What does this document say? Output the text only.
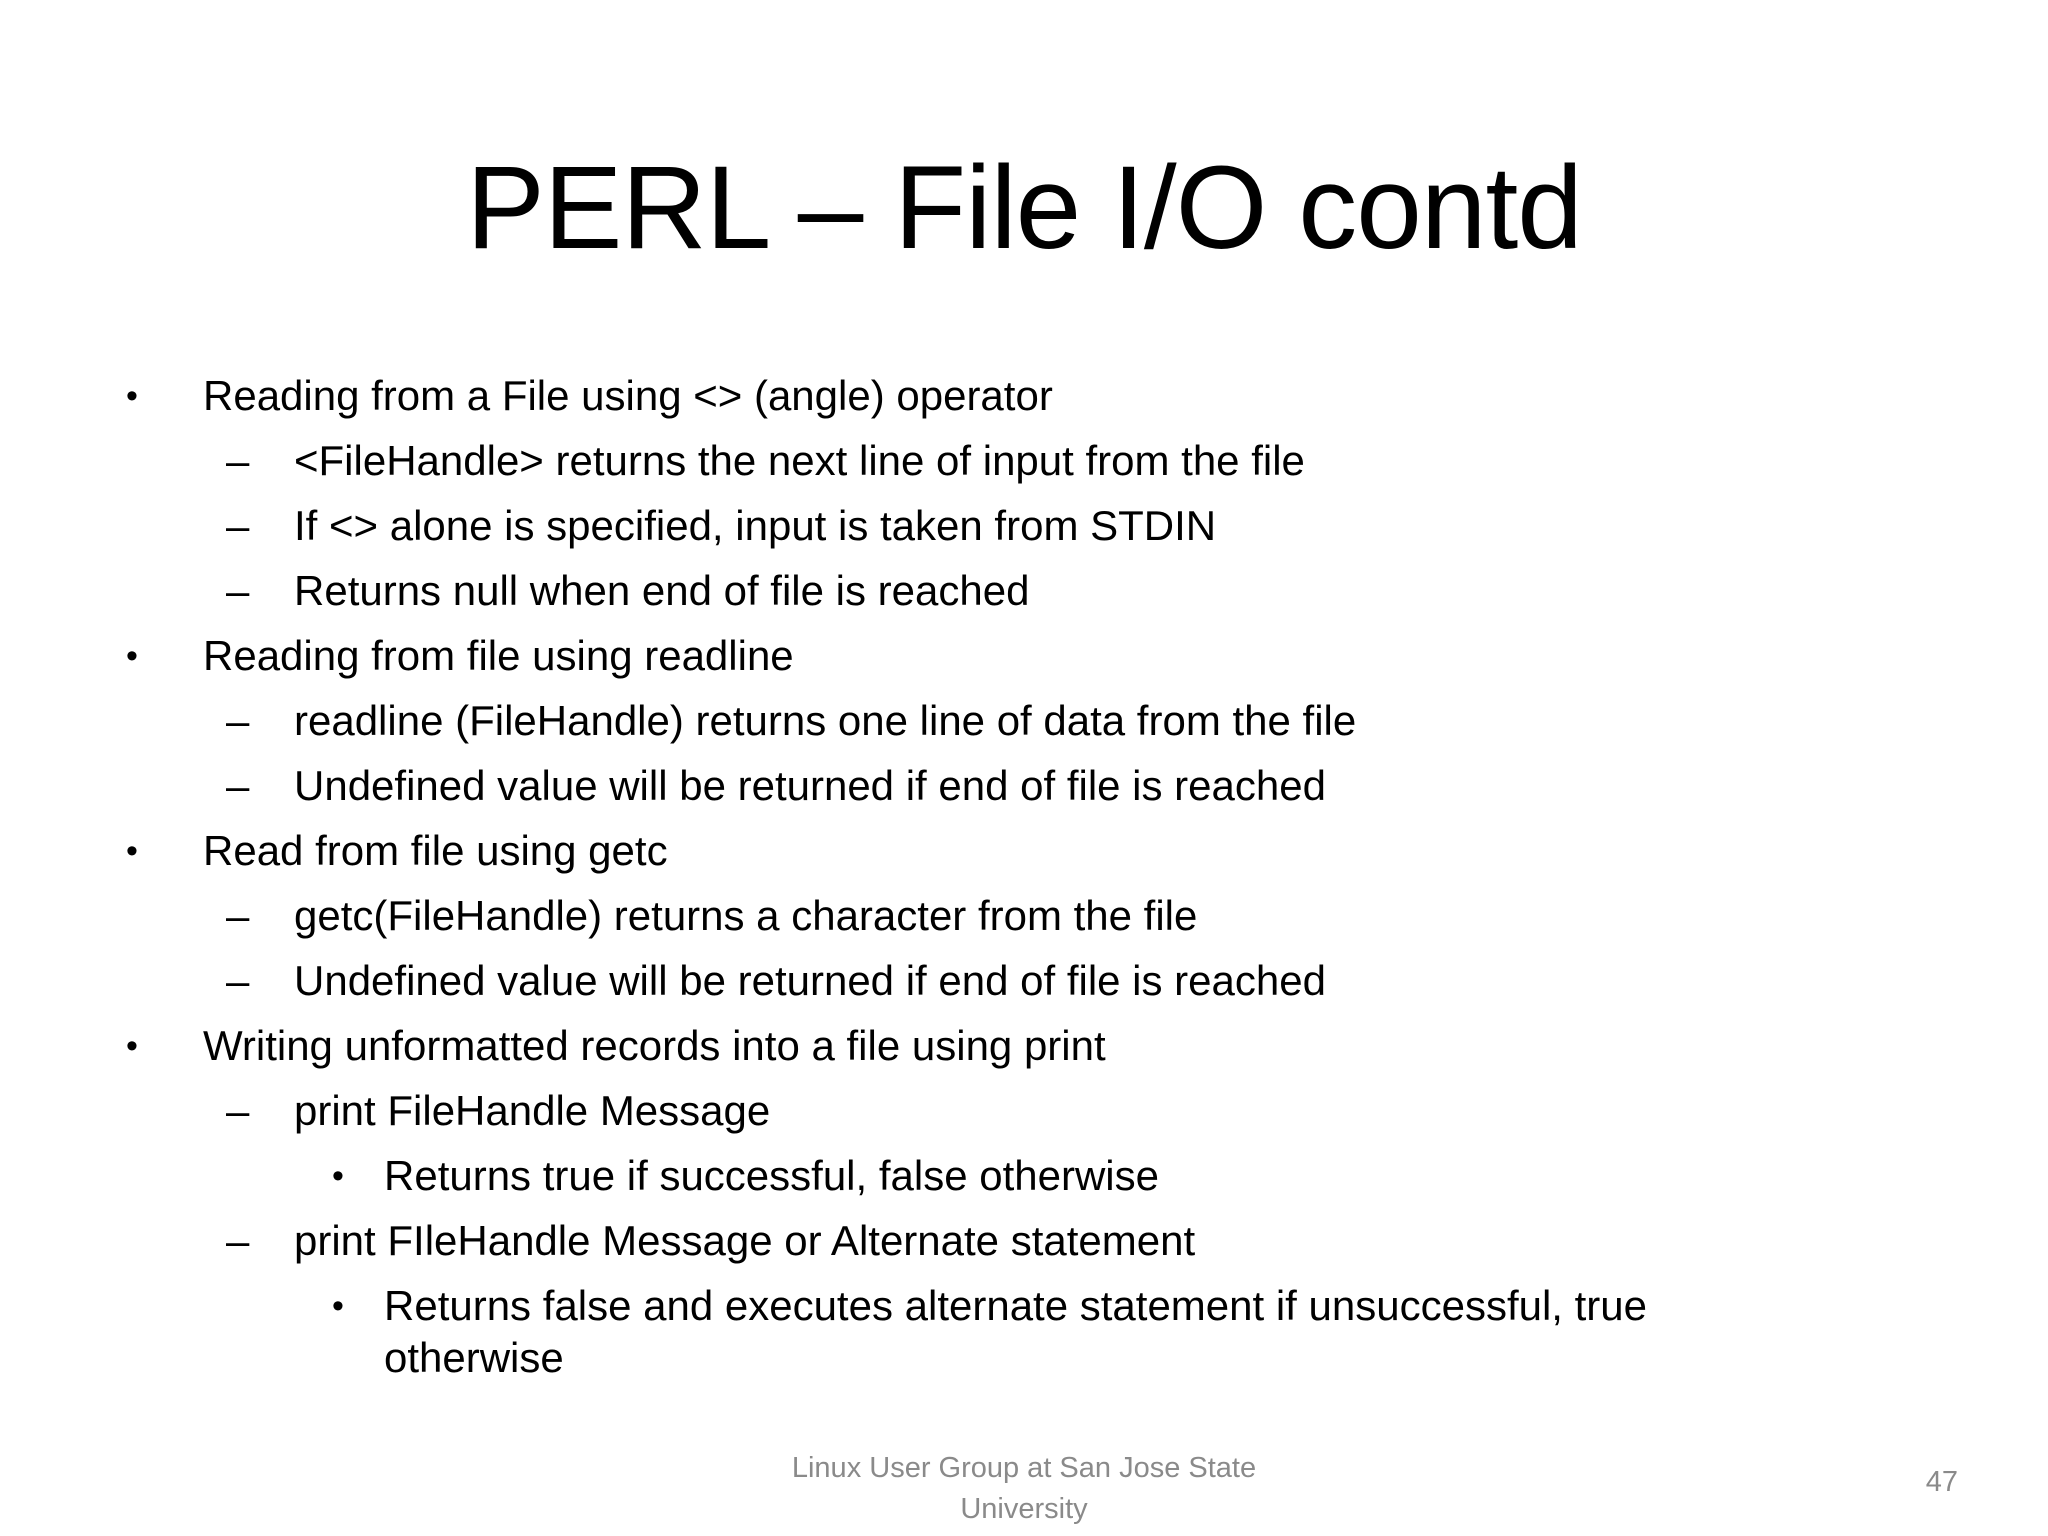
PERL – File I/O contd
• Reading from a File using <> (angle) operator
– <FileHandle> returns the next line of input from the file
– If <> alone is specified, input is taken from STDIN
– Returns null when end of file is reached
• Reading from file using readline
– readline (FileHandle) returns one line of data from the file
– Undefined value will be returned if end of file is reached
• Read from file using getc
– getc(FileHandle) returns a character from the file
– Undefined value will be returned if end of file is reached
• Writing unformatted records into a file using print
– print FileHandle Message
• Returns true if successful, false otherwise
– print FIleHandle Message or Alternate statement
• Returns false and executes alternate statement if unsuccessful, true otherwise
Linux User Group at San Jose State
University
47
